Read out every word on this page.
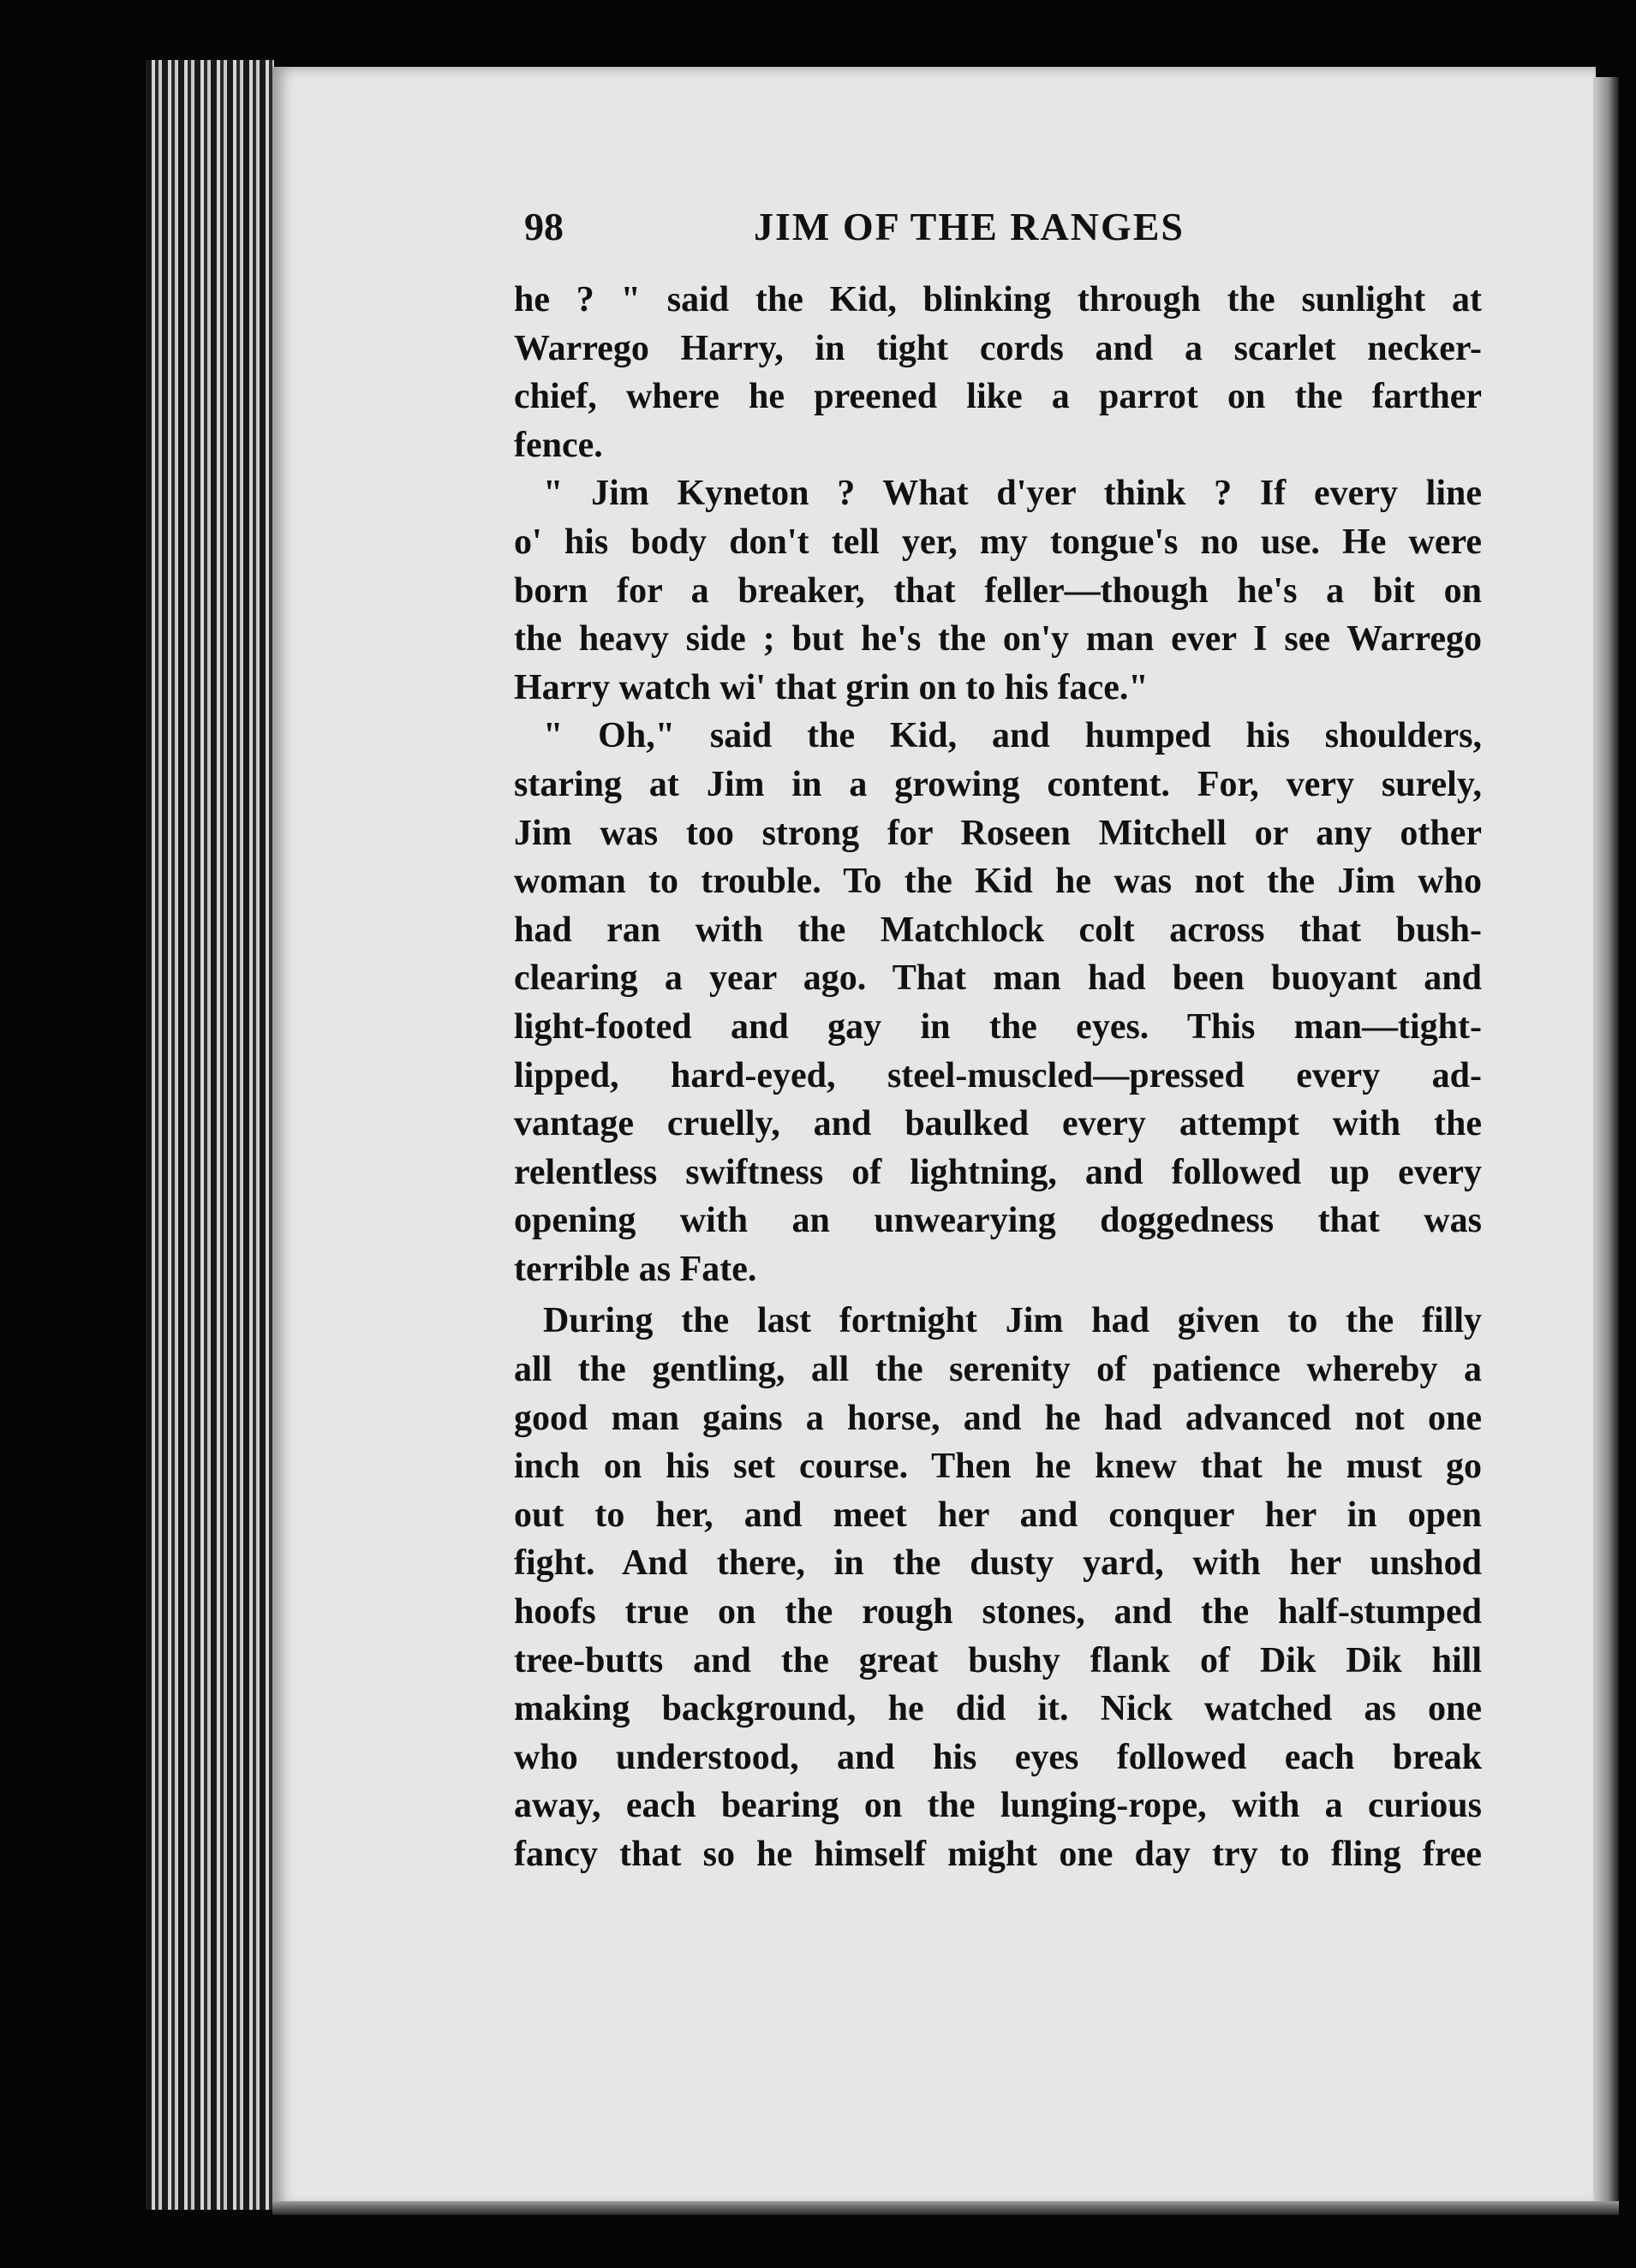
98	JIM OF THE RANGES

he ? " said the Kid, blinking through the sunlight at
Warrego Harry, in tight cords and a scarlet necker-
chief, where he preened like a parrot on the farther
fence.

" Jim Kyneton ? What d'yer think ? If every line
o' his body don't tell yer, my tongue's no use. He were
born for a breaker, that feller—though he's a bit on
the heavy side ; but he's the on'y man ever I see Warrego
Harry watch wi' that grin on to his face."

" Oh," said the Kid, and humped his shoulders,
staring at Jim in a growing content. For, very surely,
Jim was too strong for Roseen Mitchell or any other
woman to trouble. To the Kid he was not the Jim who
had ran with the Matchlock colt across that bush-
clearing a year ago. That man had been buoyant and
light-footed and gay in the eyes. This man—tight-
lipped, hard-eyed, steel-muscled—pressed every ad-
vantage cruelly, and baulked every attempt with the
relentless swiftness of lightning, and followed up every
opening with an unwearying doggedness that was
terrible as Fate.

During the last fortnight Jim had given to the filly
all the gentling, all the serenity of patience whereby a
good man gains a horse, and he had advanced not one
inch on his set course. Then he knew that he must go
out to her, and meet her and conquer her in open
fight. And there, in the dusty yard, with her unshod
hoofs true on the rough stones, and the half-stumped
tree-butts and the great bushy flank of Dik Dik hill
making background, he did it. Nick watched as one
who understood, and his eyes followed each break
away, each bearing on the lunging-rope, with a curious
fancy that so he himself might one day try to fling free
